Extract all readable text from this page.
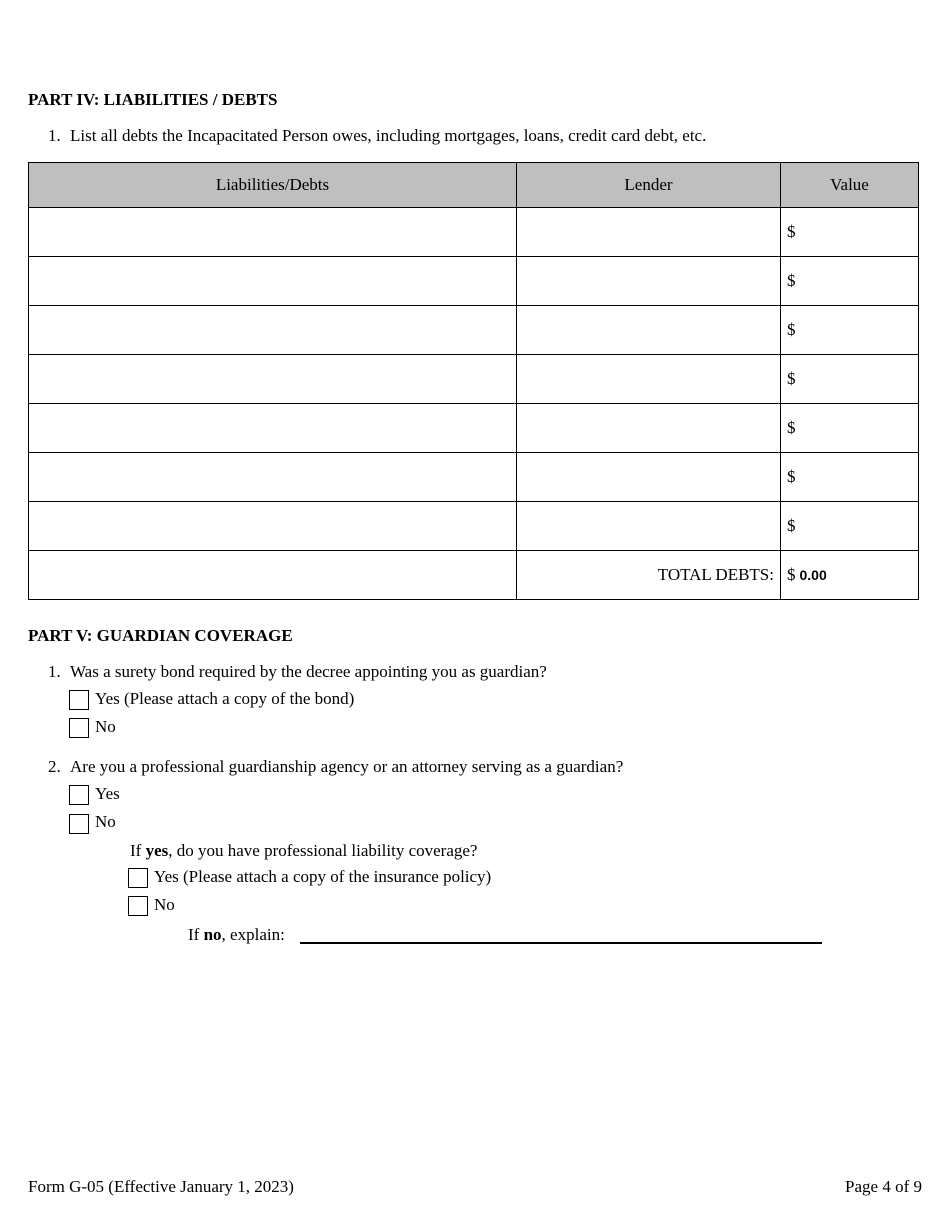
PART IV: LIABILITIES / DEBTS
1. List all debts the Incapacitated Person owes, including mortgages, loans, credit card debt, etc.
Liabilities/Debts	Lender	Value
		$
		$
		$
		$
		$
		$
		$
	TOTAL DEBTS:	$ 0.00
PART V: GUARDIAN COVERAGE
1. Was a surety bond required by the decree appointing you as guardian?
Yes (Please attach a copy of the bond)
No
2. Are you a professional guardianship agency or an attorney serving as a guardian?
Yes
No
If yes, do you have professional liability coverage?
Yes (Please attach a copy of the insurance policy)
No
If no, explain:
Form G-05 (Effective January 1, 2023)	Page 4 of 9
